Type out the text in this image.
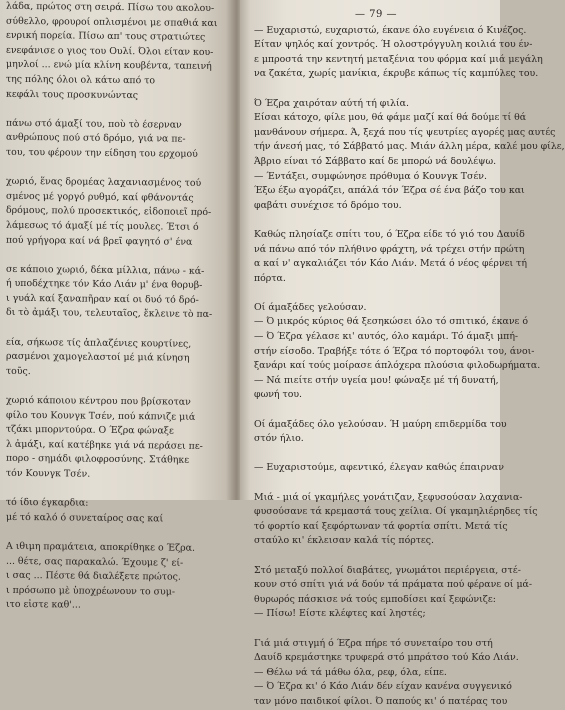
λάδα, πρώτος στη σειρά. Πίσω του ακολου-
σύθελλο, φρουροί οπλισμένοι με σπαθιά και
ενρική πορεία. Πίσω απ' τους στρατιώτες
ενεφάνισε ο γιος του Ουλί. Όλοι είταν κου-
μηνλοί ... ενώ μία κλίνη κουβέντα, ταπεινή
της πόλης όλοι ολ κάτω από το
κεφάλι τους προσκυνώντας

πάνω στό άμαξί του, ποὺ τὸ έσερναν
ανθρώπους πού στό δρόμο, γιά να πε-
του, του φέρουν την είδηση του ερχομού

χωριό, ἕνας δρομέας λαχανιασμένος τού
σμένος μέ γοργό ρυθμό, καί φθάνοντάς
δρόμους, πολύ προσεκτικός, εἰδοποιεῖ πρό-
λάμεσως τό άμαξί μέ τίς μουλες. Έτσι ό
πού γρήγορα καί νά βρεῖ φαγητό σ' ένα

σε κάποιο χωριό, δέκα μίλλια, πάνω - κά-
ή υποδέχτηκε τόν Κάο Λιάν μ' ένα θορυβ-
ι γυάλ καί ξαναπῆραν καί οι δυό τό δρό-
δι τὸ ἀμάξι του, τελευταῖος, ἔκλεινε τὸ πα-

εία, σήκωσε τίς ἀπλαζένιες κουρτίνες,
ρασμένοι χαμογελαστοί μέ μιά κίνηση
τοῦς.

χωριό κάποιου κέντρου που βρίσκοταν
φίλο του Κουνγκ Τσέν, πού κάπνιζε μιά
τζάκι μπορντούρα. Ο Έζρα φώναξε
λ ἀμάξι, καί κατέβηκε γιά νά περάσει πε-
πορο - σημάδι φιλοφροσύνης. Στάθηκε
τόν Κουνγκ Τσέν.

τό ίδιο έγκαρδια:
μέ τό καλό ό συνεταίρος σας καί

Α ιθιμη πραμάτεια, αποκρίθηκε ο Έζρα.
... θέτε, σας παρακαλώ. Έχουμε ζ' εί-
ι σας ... Πέστε θά διαλέξετε πρώτος.
ι πρόσωπο μὲ ὑποχρέωνουν το συμ-
ιτο εἰστε καθ'...
— 79 —
— Ευχαριστώ, ευχαριστώ, έκανε όλο ευγένεια ό Κινέζος.
Είταν ψηλός καί χοντρός. Ή ολοστρόγγυλη κοιλιά του έν-
ε μπροστά την κεντητή μεταξένια του φόρμα καί μιά μεγάλη
να ζακέτα, χωρίς μανίκια, έκρυβε κάπως τίς καμπύλες του.

Ό Έζρα χαιρόταν αύτή τή φιλία.
Είσαι κάτοχο, φίλε μου, θά φάμε μαζί καί θά δούμε τί θά
μανθάνουν σήμερα. Ά, ξεχά που τίς ψευτρίες αγορές μας αυτές
τήν άνεσή μας, τό Σάββατό μας. Μιάν άλλη μέρα, καλέ μου φίλε,
Άβριο είναι τό Σάββατο καί δε μπορώ νά δουλέψω.
— Έντάξει, συμφώνησε πρόθυμα ό Κουνγκ Τσέν.
Έξω έξω αγοράζει, απάλά τόν Έζρα σέ ένα βάζο του και
φαβάτι συνέχισε τό δρόμο του.

Καθώς πλησίαζε σπίτι του, ό Έζρα είδε τό γιό του Δαυίδ
νά πάνω από τόν πλήθινο φράχτη, νά τρέχει στήν πρώτη
α καί ν' αγκαλιάζει τόν Κάο Λιάν. Μετά ό νέος φέρνει τή
πόρτα.

Οί άμαξάδες γελούσαν.
— Ό μικρός κύριος θά ξεσηκώσει όλο τό σπιτικό, έκανε ό
— Ό Έζρα γέλασε κι' αυτός, όλο καμάρι. Τό άμαξι μπή-
στήν είσοδο. Τραβήξε τότε ό Έζρα τό πορτοφόλι του, άνοι-
ξανάρι καί τούς μοίρασε άπλόχερα πλούσια φιλοδωρήματα.
— Νά πιείτε στήν υγεία μου! φώναξε μέ τή δυνατή,
φωνή του.

Οί άμαξάδες όλο γελούσαν. Ή μαύρη επιδερμίδα του
στόν ήλιο.

— Ευχαριστούμε, αφεντικό, έλεγαν καθώς έπαιρναν

Μιά - μιά οί γκαμήλες γονάτιζαν, ξεφυσούσαν λαχανια-
φυσούσανε τά κρεμαστά τους χείλια. Οί γκαμηλιέρηδες τίς
τό φορτίο καί ξεφόρτωναν τά φορτία σπίτι. Μετά τίς
σταύλο κι' έκλεισαν καλά τίς πόρτες.

Στό μεταξύ πολλοί διαβάτες, γνωμάτοι περιέργεια, στέ-
κουν στό σπίτι γιά νά δούν τά πράματα πού φέρανε οί μά-
θυρωρός πάσκισε νά τούς εμποδίσει καί ξεφώνιζε:
— Πίσω! Είστε κλέφτες καί ληστές;

Γιά μιά στιγμή ό Έζρα πήρε τό συνεταίρο του στή
Δαυίδ κρεμάστηκε τρυφερά στό μπράτσο τού Κάο Λιάν.
— Θέλω νά τά μάθω όλα, ρεφ, όλα, είπε.
— Ό Έζρα κι' ό Κάο Λιάν δέν είχαν κανένα συγγενικό
ταν μόνο παιδικοί φίλοι. Ό παπούς κι' ό πατέρας του
